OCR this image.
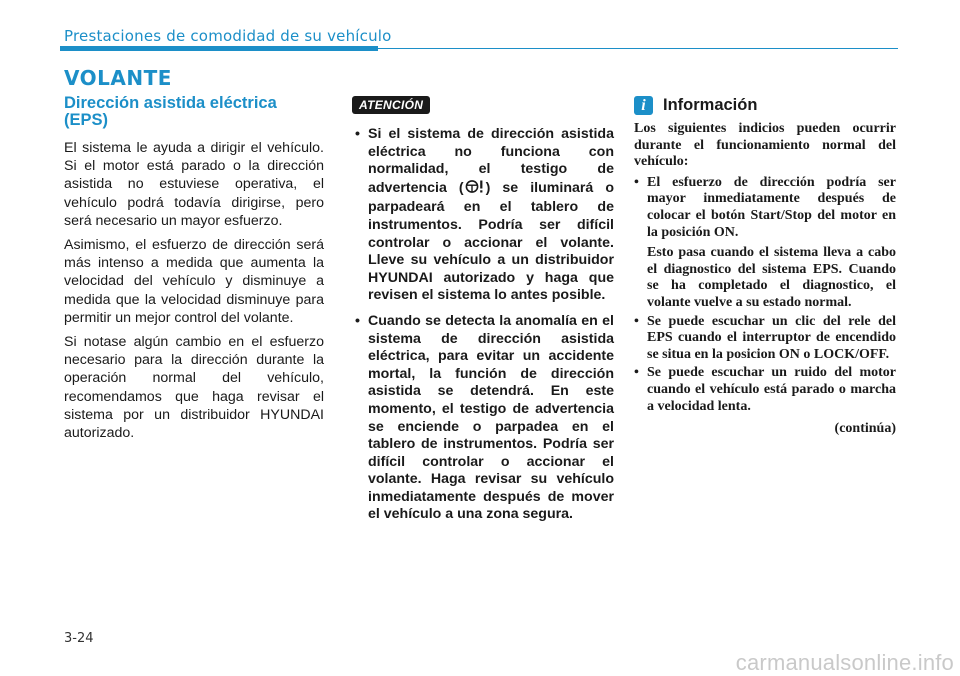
Prestaciones de comodidad de su vehículo
VOLANTE
Dirección asistida eléctrica (EPS)

El sistema le ayuda a dirigir el vehículo. Si el motor está parado o la dirección asistida no estuviese operativa, el vehículo podrá todavía dirigirse, pero será necesario un mayor esfuerzo.

Asimismo, el esfuerzo de dirección será más intenso a medida que aumenta la velocidad del vehículo y disminuye a medida que la velocidad disminuye para permitir un mejor control del volante.

Si notase algún cambio en el esfuerzo necesario para la dirección durante la operación normal del vehículo, recomendamos que haga revisar el sistema por un distribuidor HYUNDAI autorizado.

ATENCIÓN
• Si el sistema de dirección asistida eléctrica no funciona con normalidad, el testigo de advertencia ( ) se iluminará o parpadeará en el tablero de instrumentos. Podría ser difícil controlar o accionar el volante. Lleve su vehículo a un distribuidor HYUNDAI autorizado y haga que revisen el sistema lo antes posible.
• Cuando se detecta la anomalía en el sistema de dirección asistida eléctrica, para evitar un accidente mortal, la función de dirección asistida se detendrá. En este momento, el testigo de advertencia se enciende o parpadea en el tablero de instrumentos. Podría ser difícil controlar o accionar el volante. Haga revisar su vehículo inmediatamente después de mover el vehículo a una zona segura.
i	Información

Los siguientes indicios pueden ocurrir durante el funcionamiento normal del vehículo:

• El esfuerzo de dirección podría ser mayor inmediatamente después de colocar el botón Start/Stop del motor en la posición ON.

Esto pasa cuando el sistema lleva a cabo el diagnostico del sistema EPS. Cuando se ha completado el diagnostico, el volante vuelve a su estado normal.

• Se puede escuchar un clic del rele del EPS cuando el interruptor de encendido se situa en la posicion ON o LOCK/OFF.
• Se puede escuchar un ruido del motor cuando el vehículo está parado o marcha a velocidad lenta.
(continúa)
3-24
carmanualsonline.info
